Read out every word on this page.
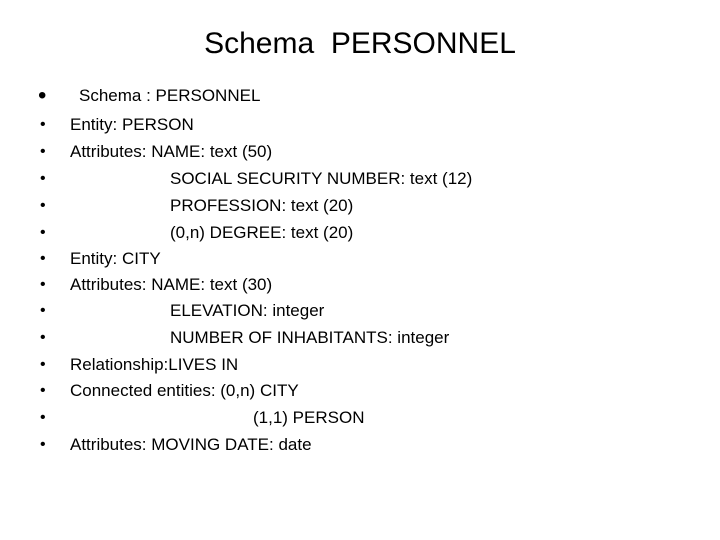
Schema  PERSONNEL
• Schema : PERSONNEL
• Entity: PERSON
• Attributes: NAME: text (50)
•	SOCIAL SECURITY NUMBER: text (12)
•	PROFESSION: text (20)
•	(0,n) DEGREE: text (20)
• Entity: CITY
• Attributes: NAME: text (30)
•	ELEVATION: integer
•	NUMBER OF INHABITANTS: integer
• Relationship:LIVES IN
• Connected entities: (0,n) CITY
•	(1,1) PERSON
• Attributes: MOVING DATE: date
